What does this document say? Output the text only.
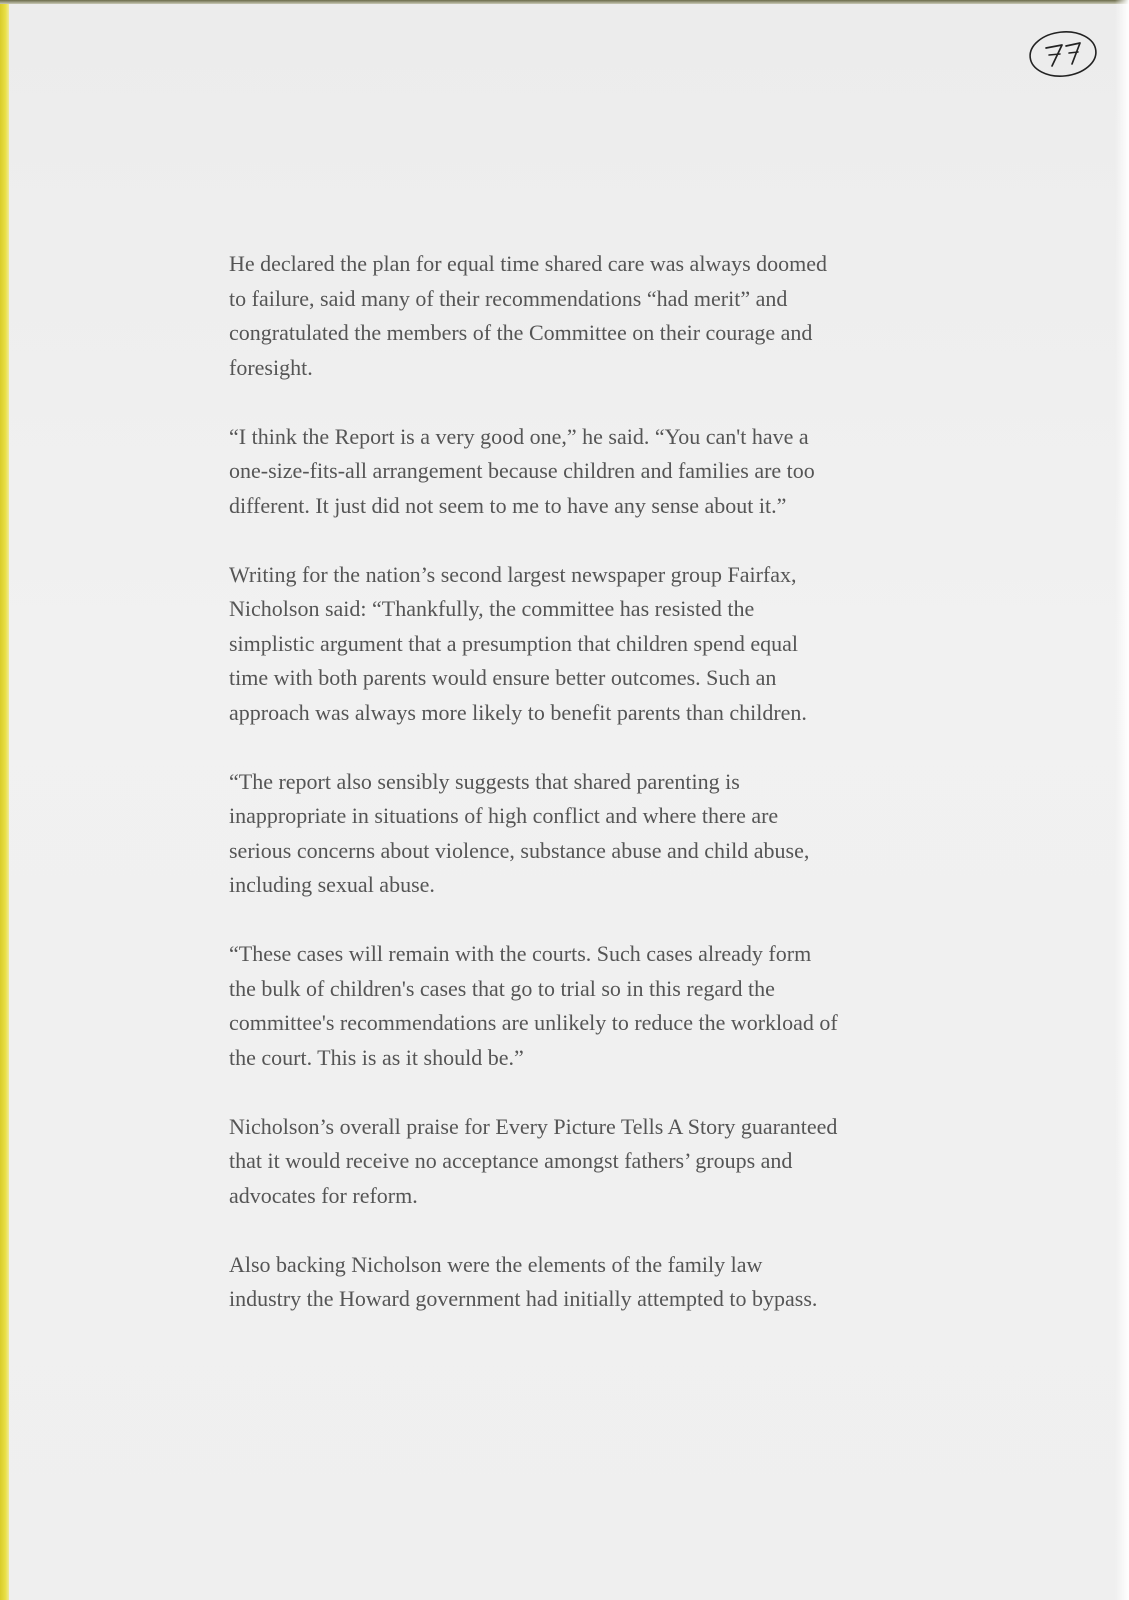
He declared the plan for equal time shared care was always doomed
to failure, said many of their recommendations “had merit” and
congratulated the members of the Committee on their courage and
foresight.

“I think the Report is a very good one,” he said. “You can't have a
one-size-fits-all arrangement because children and families are too
different. It just did not seem to me to have any sense about it.”

Writing for the nation’s second largest newspaper group Fairfax,
Nicholson said: “Thankfully, the committee has resisted the
simplistic argument that a presumption that children spend equal
time with both parents would ensure better outcomes. Such an
approach was always more likely to benefit parents than children.

“The report also sensibly suggests that shared parenting is
inappropriate in situations of high conflict and where there are
serious concerns about violence, substance abuse and child abuse,
including sexual abuse.

“These cases will remain with the courts. Such cases already form
the bulk of children's cases that go to trial so in this regard the
committee's recommendations are unlikely to reduce the workload of
the court. This is as it should be.”

Nicholson’s overall praise for Every Picture Tells A Story guaranteed
that it would receive no acceptance amongst fathers’ groups and
advocates for reform.

Also backing Nicholson were the elements of the family law
industry the Howard government had initially attempted to bypass.
